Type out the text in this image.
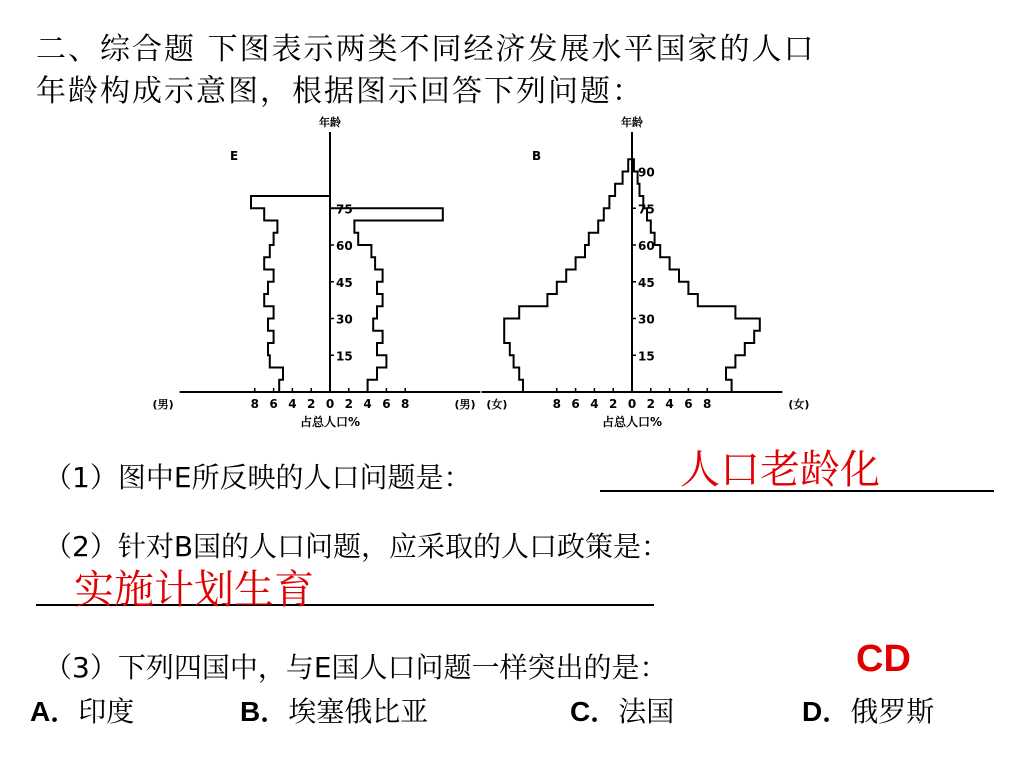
二、综合题 下图表示两类不同经济发展水平国家的人口
年龄构成示意图，根据图示回答下列问题：
年龄
E
8 6 4 2 0 2 4 6 8
(男)	(女)
占总人口%
15
30
45
60
75
年龄
B
8 6 4 2 0 2 4 6 8
(男)	(女)
占总人口%
15
30
45
60
75
90
（1）图中E所反映的人口问题是：	人口老龄化
（2）针对B国的人口问题，应采取的人口政策是：
实施计划生育
（3）下列四国中，与E国人口问题一样突出的是：	CD
A．印度	B．埃塞俄比亚	C．法国	D．俄罗斯
